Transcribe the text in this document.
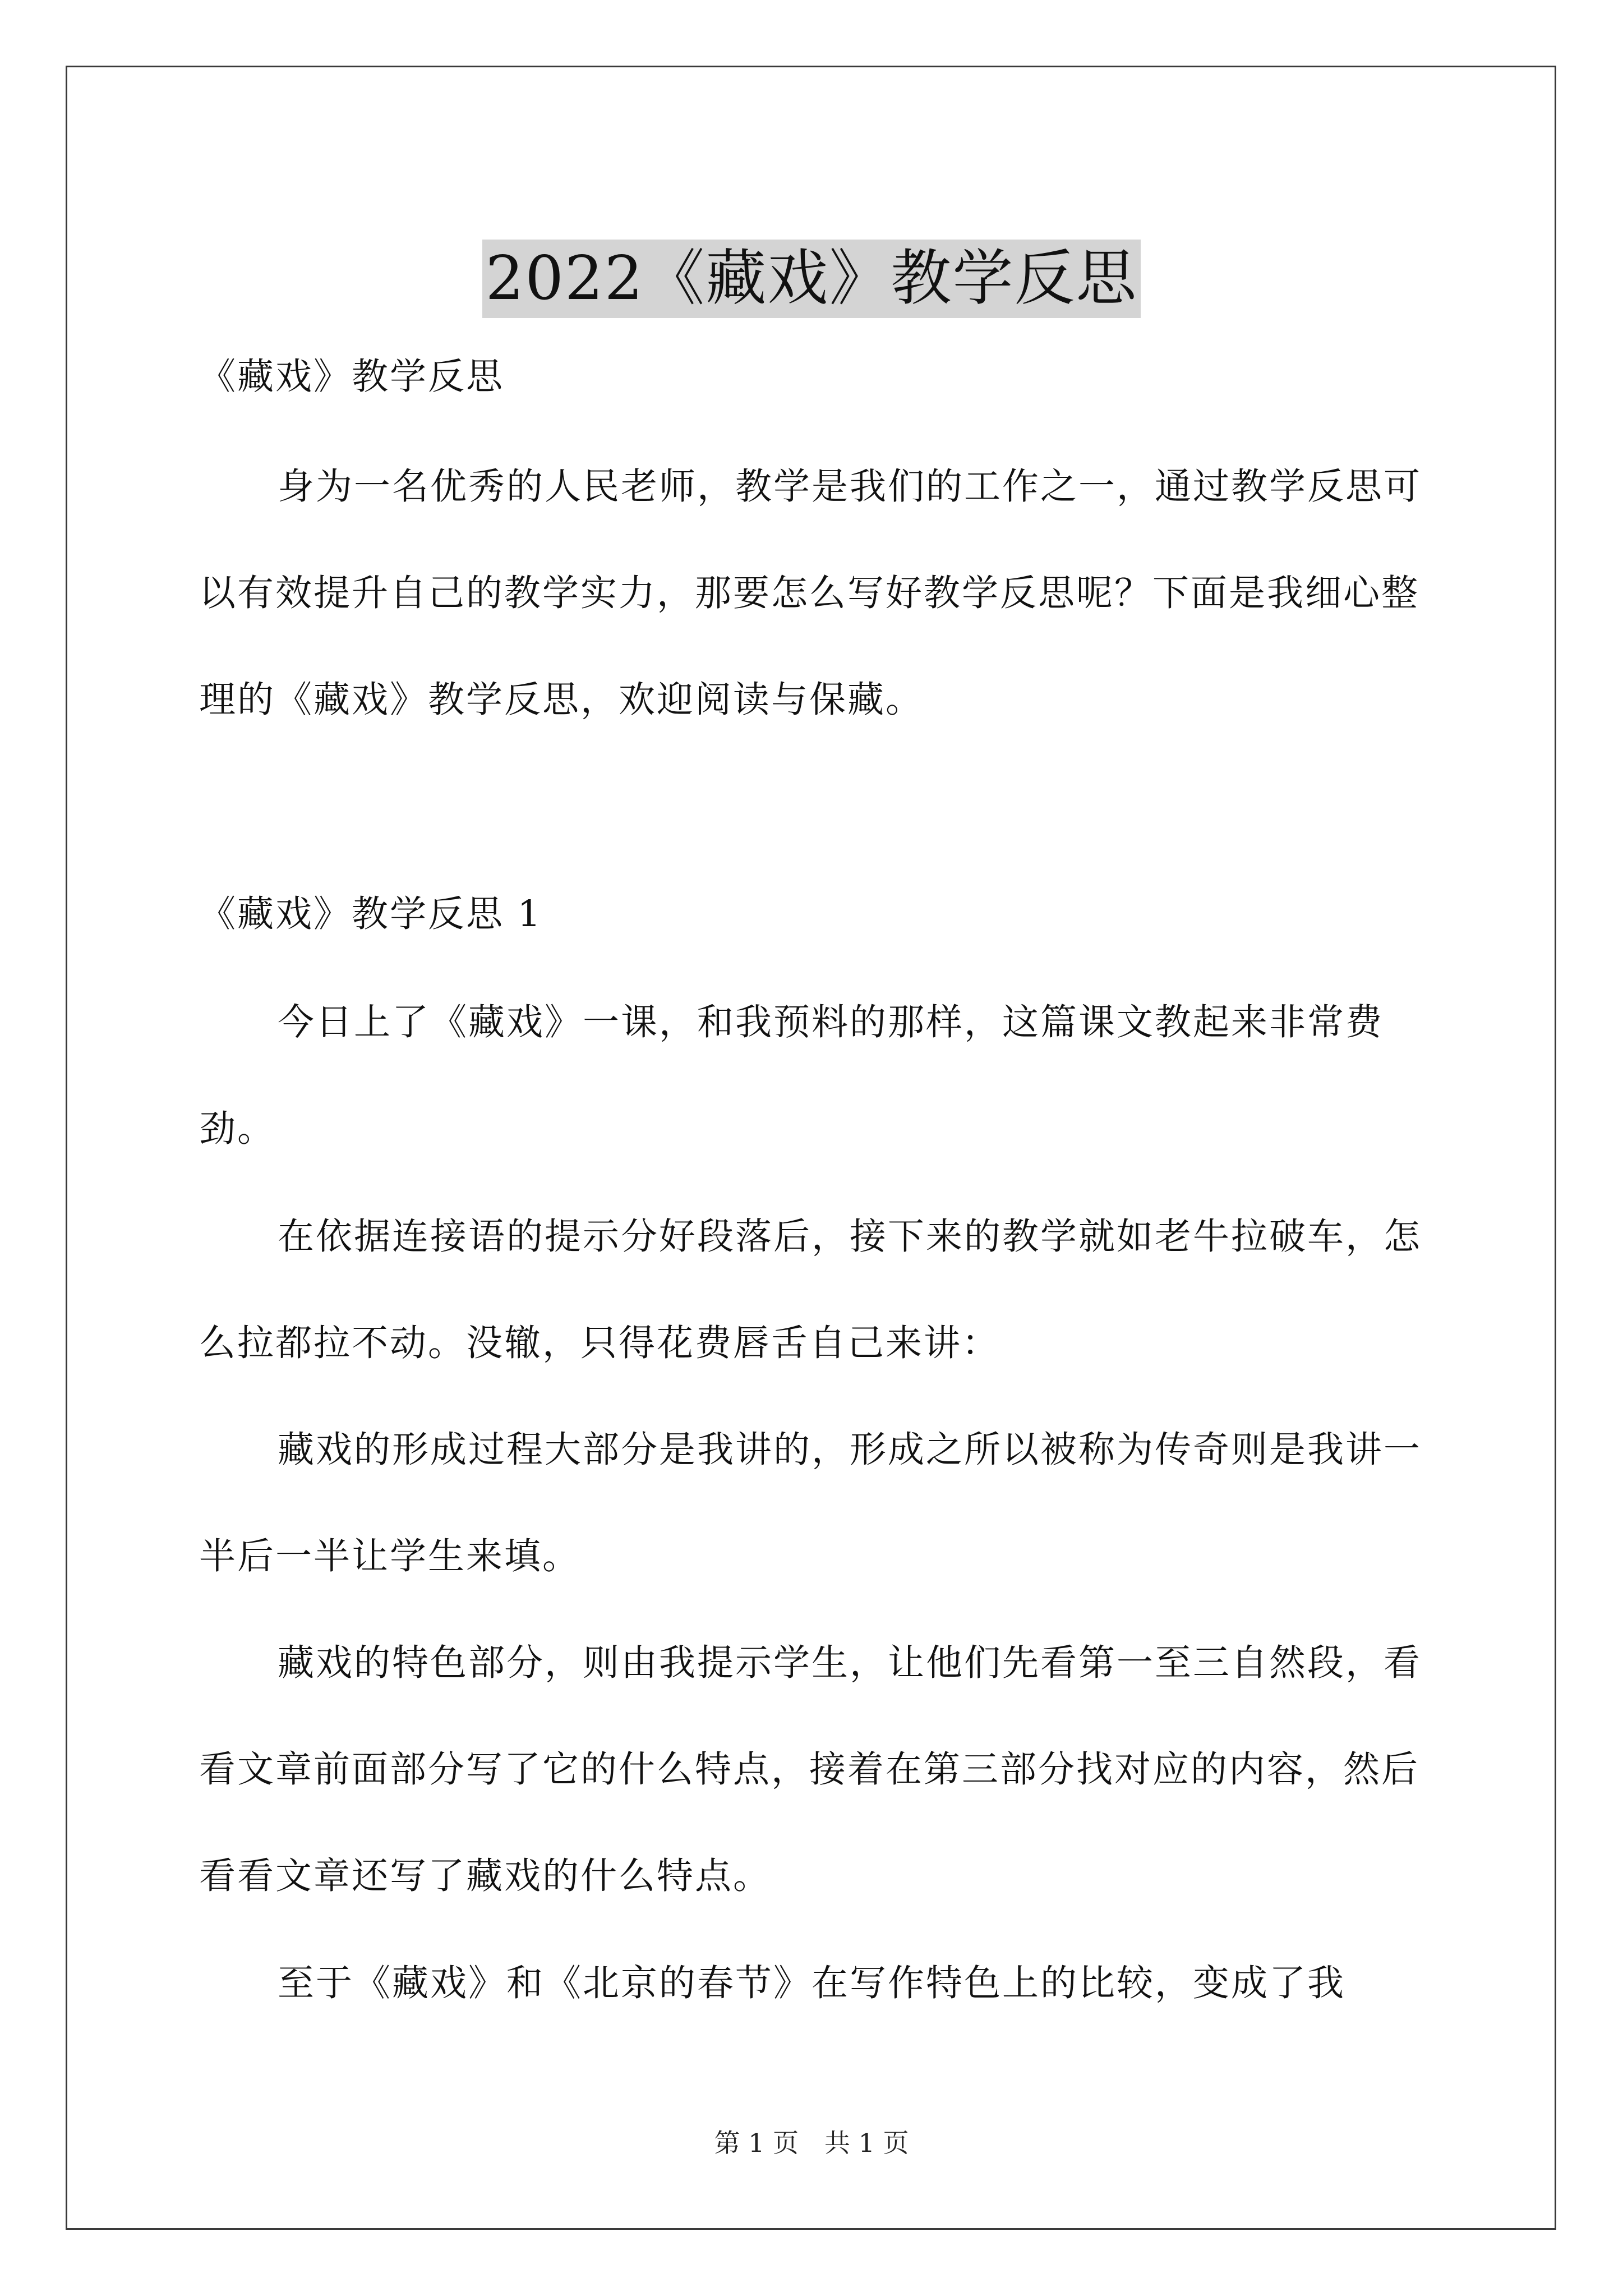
2022《藏戏》教学反思
《藏戏》教学反思
身为一名优秀的人民老师，教学是我们的工作之一，通过教学反思可以有效提升自己的教学实力，那要怎么写好教学反思呢？下面是我细心整理的《藏戏》教学反思，欢迎阅读与保藏。
《藏戏》教学反思 1
今日上了《藏戏》一课，和我预料的那样，这篇课文教起来非常费劲。
在依据连接语的提示分好段落后，接下来的教学就如老牛拉破车，怎么拉都拉不动。没辙，只得花费唇舌自己来讲：
藏戏的形成过程大部分是我讲的，形成之所以被称为传奇则是我讲一半后一半让学生来填。
藏戏的特色部分，则由我提示学生，让他们先看第一至三自然段，看看文章前面部分写了它的什么特点，接着在第三部分找对应的内容，然后看看文章还写了藏戏的什么特点。
至于《藏戏》和《北京的春节》在写作特色上的比较，变成了我
第 1 页　共 1 页
